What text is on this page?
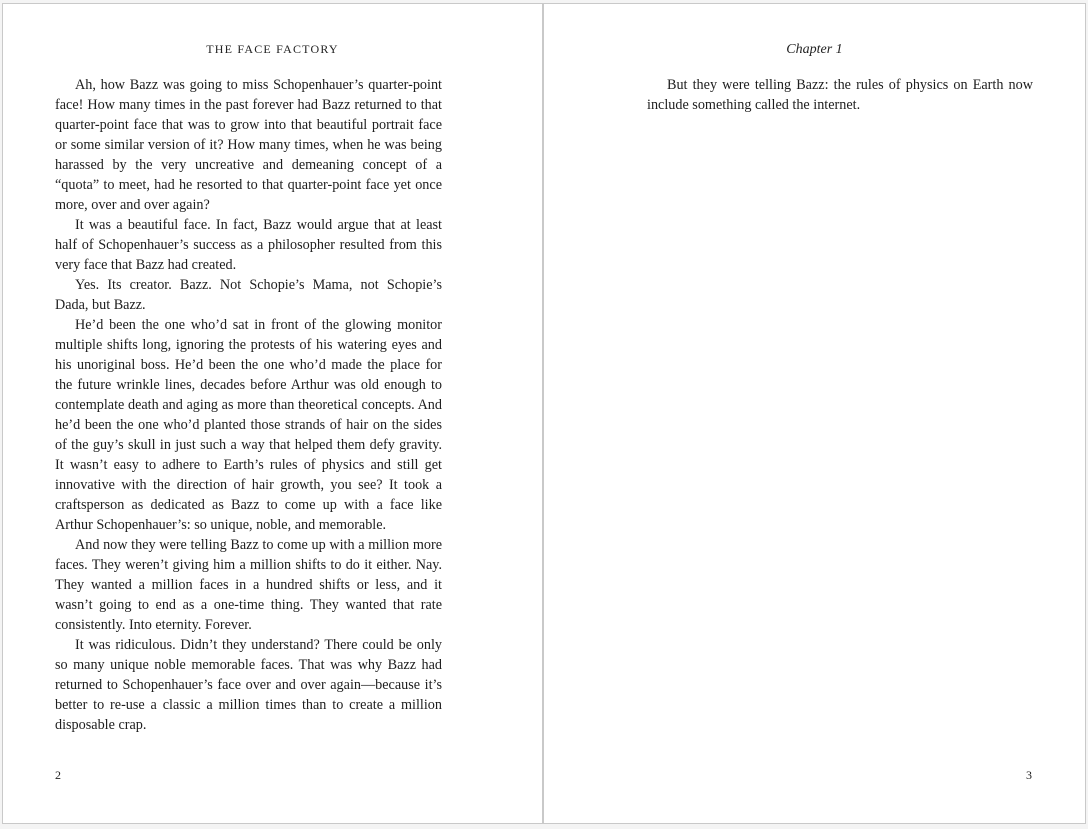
THE FACE FACTORY

Ah, how Bazz was going to miss Schopenhauer’s quarter-point face! How many times in the past forever had Bazz returned to that quarter-point face that was to grow into that beautiful portrait face or some similar version of it? How many times, when he was being harassed by the very uncreative and demeaning concept of a “quota” to meet, had he resorted to that quarter-point face yet once more, over and over again?

It was a beautiful face. In fact, Bazz would argue that at least half of Schopenhauer’s success as a philosopher resulted from this very face that Bazz had created.

Yes. Its creator. Bazz. Not Schopie’s Mama, not Schopie’s Dada, but Bazz.

He’d been the one who’d sat in front of the glowing monitor multiple shifts long, ignoring the protests of his watering eyes and his unoriginal boss. He’d been the one who’d made the place for the future wrinkle lines, decades before Arthur was old enough to contemplate death and aging as more than theoretical concepts. And he’d been the one who’d planted those strands of hair on the sides of the guy’s skull in just such a way that helped them defy gravity. It wasn’t easy to adhere to Earth’s rules of physics and still get innovative with the direction of hair growth, you see? It took a craftsperson as dedicated as Bazz to come up with a face like Arthur Schopenhauer’s: so unique, noble, and memorable.

And now they were telling Bazz to come up with a million more faces. They weren’t giving him a million shifts to do it either. Nay. They wanted a million faces in a hundred shifts or less, and it wasn’t going to end as a one-time thing. They wanted that rate consistently. Into eternity. Forever.

It was ridiculous. Didn’t they understand? There could be only so many unique noble memorable faces. That was why Bazz had returned to Schopenhauer’s face over and over again—because it’s better to re-use a classic a million times than to create a million disposable crap.

2
Chapter 1

But they were telling Bazz: the rules of physics on Earth now include something called the internet.

3
